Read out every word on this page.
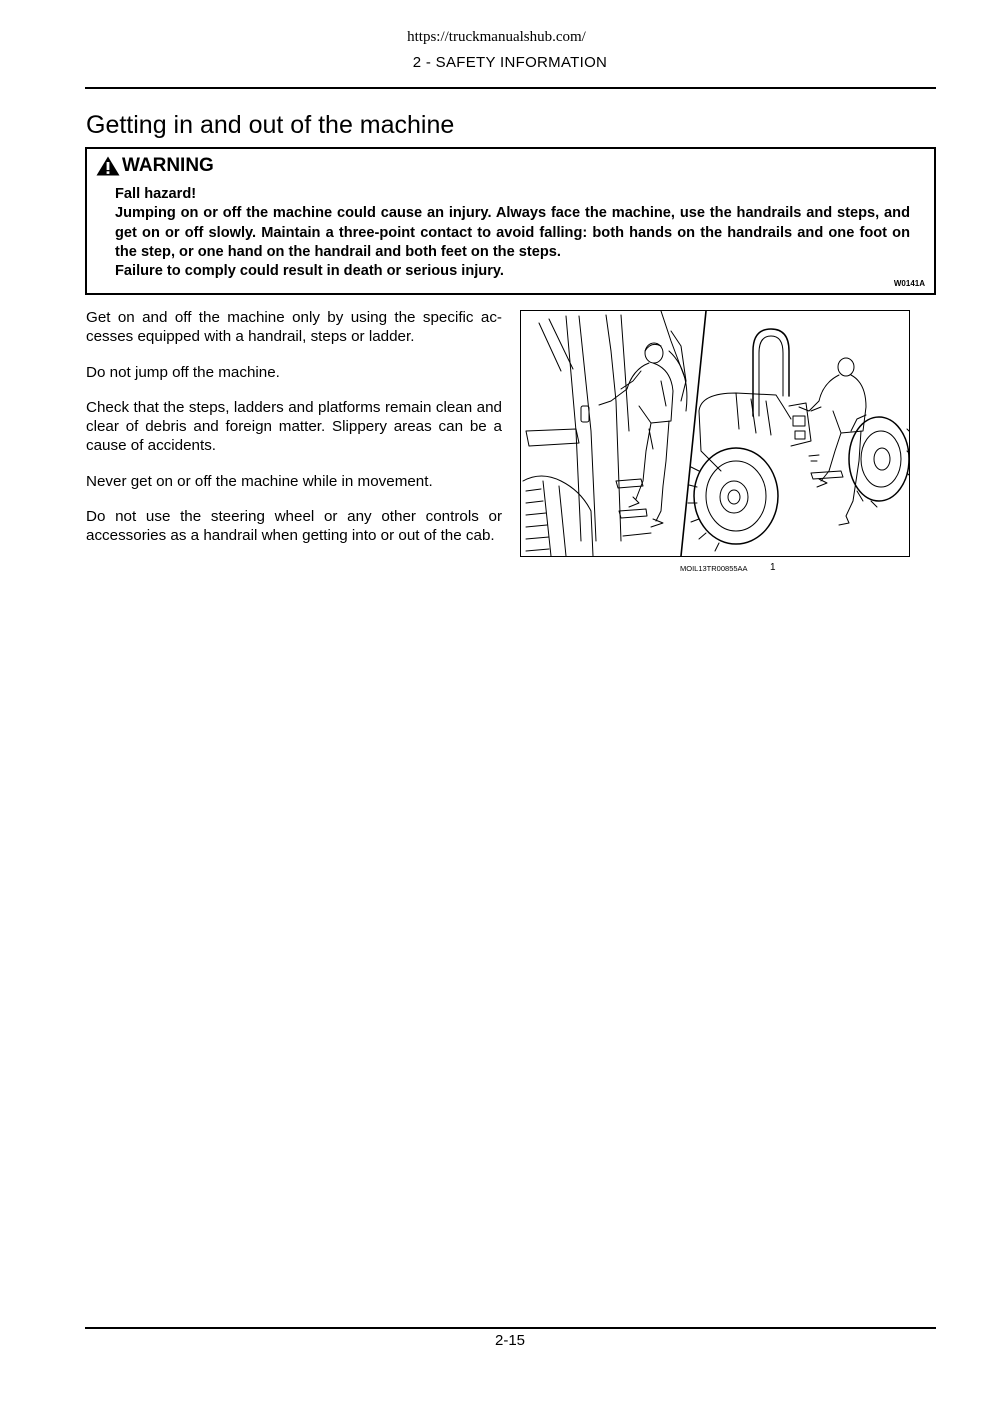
https://truckmanualshub.com/
2 - SAFETY INFORMATION
Getting in and out of the machine
WARNING

Fall hazard!

Jumping on or off the machine could cause an injury. Always face the machine, use the handrails and steps, and get on or off slowly. Maintain a three-point contact to avoid falling: both hands on the handrails and one foot on the step, or one hand on the handrail and both feet on the steps.

Failure to comply could result in death or serious injury.

W0141A

Get on and off the machine only by using the specific ac-cesses equipped with a handrail, steps or ladder.

Do not jump off the machine.

Check that the steps, ladders and platforms remain clean and clear of debris and foreign matter. Slippery areas can be a cause of accidents.

Never get on or off the machine while in movement.

Do not use the steering wheel or any other controls or accessories as a handrail when getting into or out of the cab.

MOIL13TR00855AA 1
2-15
